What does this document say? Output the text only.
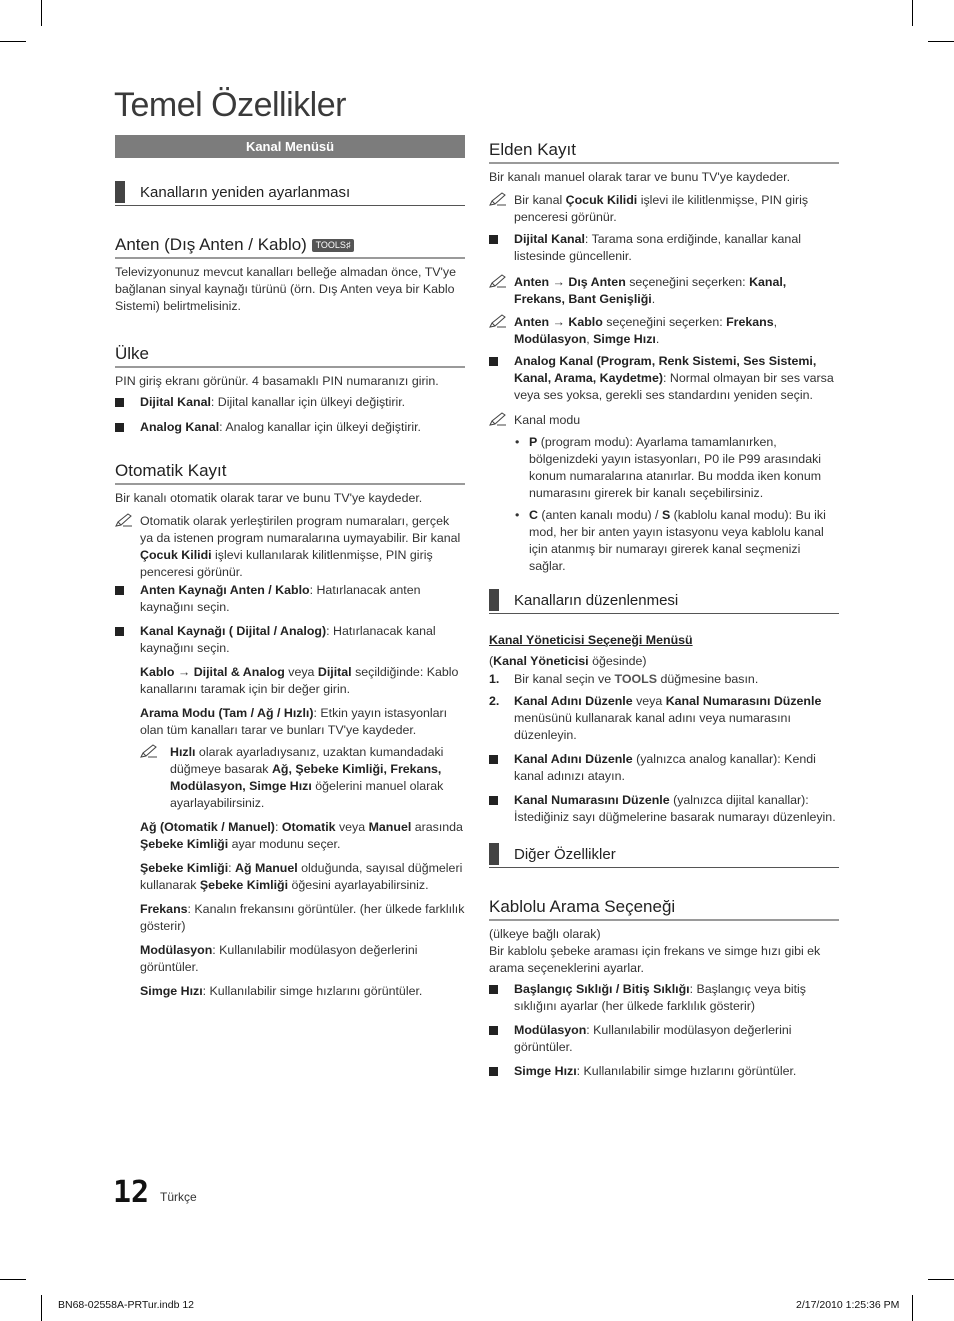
Temel Özellikler
Kanal Menüsü
Kanalların yeniden ayarlanması
Anten (Dış Anten / Kablo) TOOLS♯

Televizyonunuz mevcut kanalları belleğe almadan önce, TV'ye bağlanan sinyal kaynağı türünü (örn. Dış Anten veya bir Kablo Sistemi) belirtmelisiniz.

Ülke

PIN giriş ekranı görünür. 4 basamaklı PIN numaranızı girin.

Dijital Kanal: Dijital kanallar için ülkeyi değiştirir.
Analog Kanal: Analog kanallar için ülkeyi değiştirir.
Otomatik Kayıt

Bir kanalı otomatik olarak tarar ve bunu TV'ye kaydeder.

Otomatik olarak yerleştirilen program numaraları, gerçek ya da istenen program numaralarına uymayabilir. Bir kanal Çocuk Kilidi işlevi kullanılarak kilitlenmişse, PIN giriş penceresi görünür.
Anten Kaynağı Anten / Kablo: Hatırlanacak anten kaynağını seçin.
Kanal Kaynağı ( Dijital / Analog): Hatırlanacak kanal kaynağını seçin.

Kablo → Dijital & Analog veya Dijital seçildiğinde: Kablo kanallarını taramak için bir değer girin.

Arama Modu (Tam / Ağ / Hızlı): Etkin yayın istasyonları olan tüm kanalları tarar ve bunları TV'ye kaydeder.

Hızlı olarak ayarladıysanız, uzaktan kumandadaki düğmeye basarak Ağ, Şebeke Kimliği, Frekans, Modülasyon, Simge Hızı öğelerini manuel olarak ayarlayabilirsiniz.

Ağ (Otomatik / Manuel): Otomatik veya Manuel arasında Şebeke Kimliği ayar modunu seçer.

Şebeke Kimliği: Ağ Manuel olduğunda, sayısal düğmeleri kullanarak Şebeke Kimliği öğesini ayarlayabilirsiniz.

Frekans: Kanalın frekansını görüntüler. (her ülkede farklılık gösterir)

Modülasyon: Kullanılabilir modülasyon değerlerini görüntüler.

Simge Hızı: Kullanılabilir simge hızlarını görüntüler.

Elden Kayıt

Bir kanalı manuel olarak tarar ve bunu TV'ye kaydeder.

Bir kanal Çocuk Kilidi işlevi ile kilitlenmişse, PIN giriş penceresi görünür.
Dijital Kanal: Tarama sona erdiğinde, kanallar kanal listesinde güncellenir.
Anten → Dış Anten seçeneğini seçerken: Kanal, Frekans, Bant Genişliği.
Anten → Kablo seçeneğini seçerken: Frekans, Modülasyon, Simge Hızı.
Analog Kanal (Program, Renk Sistemi, Ses Sistemi, Kanal, Arama, Kaydetme): Normal olmayan bir ses varsa veya ses yoksa, gerekli ses standardını yeniden seçin.
Kanal modu
• P (program modu): Ayarlama tamamlanırken, bölgenizdeki yayın istasyonları, P0 ile P99 arasındaki konum numaralarına atanırlar. Bu modda iken konum numarasını girerek bir kanalı seçebilirsiniz.
• C (anten kanalı modu) / S (kablolu kanal modu): Bu iki mod, her bir anten yayın istasyonu veya kablolu kanal için atanmış bir numarayı girerek kanal seçmenizi sağlar.
Kanalların düzenlenmesi

Kanal Yöneticisi Seçeneği Menüsü

(Kanal Yöneticisi öğesinde)

1. Bir kanal seçin ve TOOLS düğmesine basın.
2. Kanal Adını Düzenle veya Kanal Numarasını Düzenle menüsünü kullanarak kanal adını veya numarasını düzenleyin.
Kanal Adını Düzenle (yalnızca analog kanallar): Kendi kanal adınızı atayın.
Kanal Numarasını Düzenle (yalnızca dijital kanallar): İstediğiniz sayı düğmelerine basarak numarayı düzenleyin.
Diğer Özellikler
Kablolu Arama Seçeneği

(ülkeye bağlı olarak)

Bir kablolu şebeke araması için frekans ve simge hızı gibi ek arama seçeneklerini ayarlar.

Başlangıç Sıklığı / Bitiş Sıklığı: Başlangıç veya bitiş sıklığını ayarlar (her ülkede farklılık gösterir)
Modülasyon: Kullanılabilir modülasyon değerlerini görüntüler.
Simge Hızı: Kullanılabilir simge hızlarını görüntüler.
12 Türkçe
BN68-02558A-PRTur.indb 12	2/17/2010 1:25:36 PM
